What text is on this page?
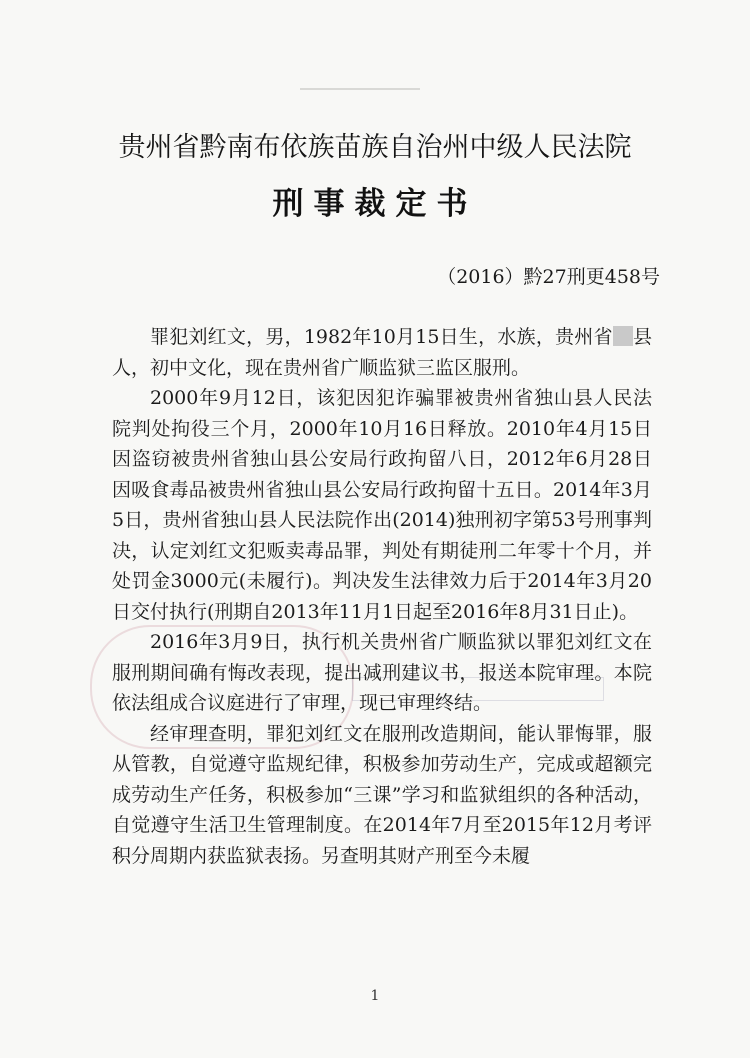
贵州省黔南布依族苗族自治州中级人民法院
刑事裁定书
（2016）黔27刑更458号

罪犯刘红文，男，1982年10月15日生，水族，贵州省 县人，初中文化，现在贵州省广顺监狱三监区服刑。

2000年9月12日，该犯因犯诈骗罪被贵州省独山县人民法院判处拘役三个月，2000年10月16日释放。2010年4月15日因盗窃被贵州省独山县公安局行政拘留八日，2012年6月28日因吸食毒品被贵州省独山县公安局行政拘留十五日。2014年3月5日，贵州省独山县人民法院作出(2014)独刑初字第53号刑事判决，认定刘红文犯贩卖毒品罪，判处有期徒刑二年零十个月，并处罚金3000元(未履行)。判决发生法律效力后于2014年3月20日交付执行(刑期自2013年11月1日起至2016年8月31日止)。

2016年3月9日，执行机关贵州省广顺监狱以罪犯刘红文在服刑期间确有悔改表现，提出减刑建议书，报送本院审理。本院依法组成合议庭进行了审理，现已审理终结。

经审理查明，罪犯刘红文在服刑改造期间，能认罪悔罪，服从管教，自觉遵守监规纪律，积极参加劳动生产，完成或超额完成劳动生产任务，积极参加“三课”学习和监狱组织的各种活动，自觉遵守生活卫生管理制度。在2014年7月至2015年12月考评积分周期内获监狱表扬。另查明其财产刑至今未履

1
